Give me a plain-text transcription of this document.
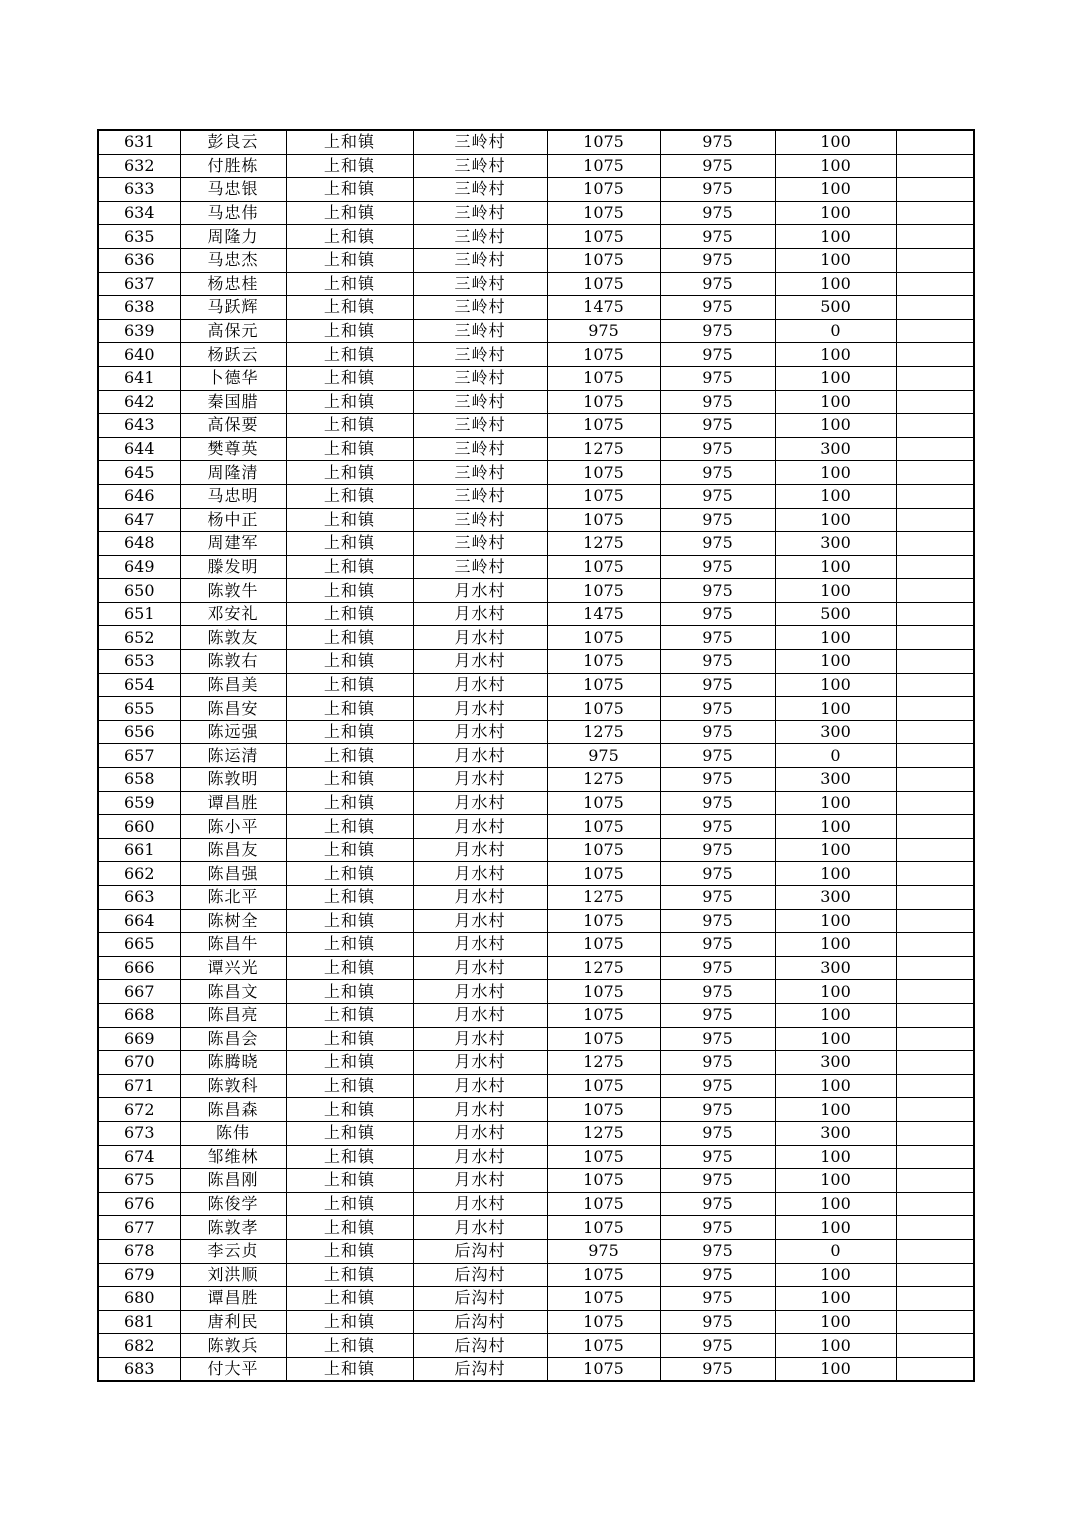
631	彭良云	上和镇	三岭村	1075	975	100	
632	付胜栋	上和镇	三岭村	1075	975	100	
633	马忠银	上和镇	三岭村	1075	975	100	
634	马忠伟	上和镇	三岭村	1075	975	100	
635	周隆力	上和镇	三岭村	1075	975	100	
636	马忠杰	上和镇	三岭村	1075	975	100	
637	杨忠桂	上和镇	三岭村	1075	975	100	
638	马跃辉	上和镇	三岭村	1475	975	500	
639	高保元	上和镇	三岭村	975	975	0	
640	杨跃云	上和镇	三岭村	1075	975	100	
641	卜德华	上和镇	三岭村	1075	975	100	
642	秦国腊	上和镇	三岭村	1075	975	100	
643	高保要	上和镇	三岭村	1075	975	100	
644	樊尊英	上和镇	三岭村	1275	975	300	
645	周隆清	上和镇	三岭村	1075	975	100	
646	马忠明	上和镇	三岭村	1075	975	100	
647	杨中正	上和镇	三岭村	1075	975	100	
648	周建军	上和镇	三岭村	1275	975	300	
649	滕发明	上和镇	三岭村	1075	975	100	
650	陈敦牛	上和镇	月水村	1075	975	100	
651	邓安礼	上和镇	月水村	1475	975	500	
652	陈敦友	上和镇	月水村	1075	975	100	
653	陈敦右	上和镇	月水村	1075	975	100	
654	陈昌美	上和镇	月水村	1075	975	100	
655	陈昌安	上和镇	月水村	1075	975	100	
656	陈远强	上和镇	月水村	1275	975	300	
657	陈运清	上和镇	月水村	975	975	0	
658	陈敦明	上和镇	月水村	1275	975	300	
659	谭昌胜	上和镇	月水村	1075	975	100	
660	陈小平	上和镇	月水村	1075	975	100	
661	陈昌友	上和镇	月水村	1075	975	100	
662	陈昌强	上和镇	月水村	1075	975	100	
663	陈北平	上和镇	月水村	1275	975	300	
664	陈树全	上和镇	月水村	1075	975	100	
665	陈昌牛	上和镇	月水村	1075	975	100	
666	谭兴光	上和镇	月水村	1275	975	300	
667	陈昌文	上和镇	月水村	1075	975	100	
668	陈昌亮	上和镇	月水村	1075	975	100	
669	陈昌会	上和镇	月水村	1075	975	100	
670	陈腾晓	上和镇	月水村	1275	975	300	
671	陈敦科	上和镇	月水村	1075	975	100	
672	陈昌森	上和镇	月水村	1075	975	100	
673	陈伟	上和镇	月水村	1275	975	300	
674	邹维林	上和镇	月水村	1075	975	100	
675	陈昌刚	上和镇	月水村	1075	975	100	
676	陈俊学	上和镇	月水村	1075	975	100	
677	陈敦孝	上和镇	月水村	1075	975	100	
678	李云贞	上和镇	后沟村	975	975	0	
679	刘洪顺	上和镇	后沟村	1075	975	100	
680	谭昌胜	上和镇	后沟村	1075	975	100	
681	唐利民	上和镇	后沟村	1075	975	100	
682	陈敦兵	上和镇	后沟村	1075	975	100	
683	付大平	上和镇	后沟村	1075	975	100	
